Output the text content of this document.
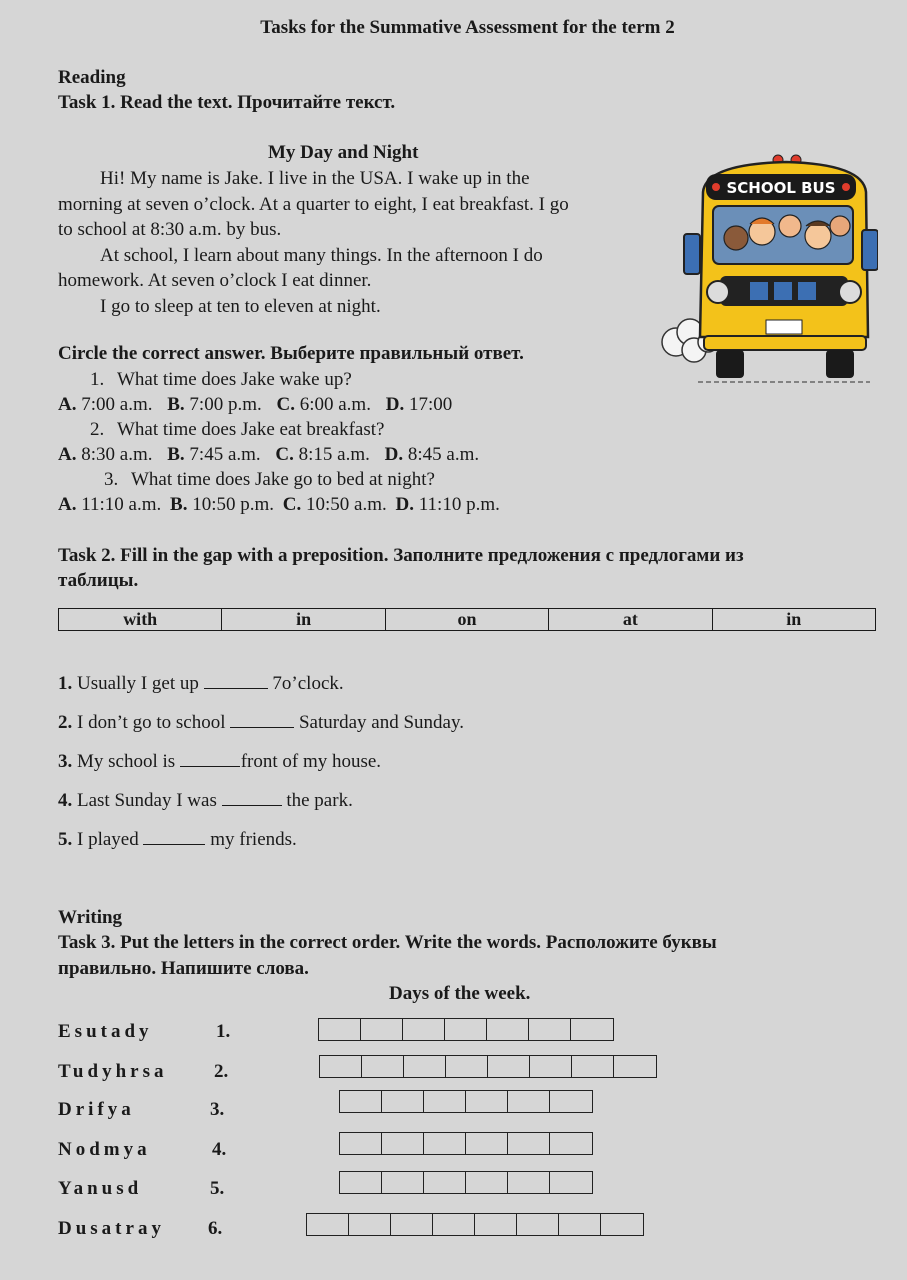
Tasks for the Summative Assessment for the term 2
Reading
Task 1. Read the text. Прочитайте текст.
My Day and Night
Hi! My name is Jake. I live in the USA. I wake up in the
morning at seven o’clock. At a quarter to eight, I eat breakfast. I go
to school at 8:30 a.m. by bus.
At school, I learn about many things. In the afternoon I do
homework. At seven o’clock I eat dinner.
I go to sleep at ten to eleven at night.
SCHOOL BUS
Circle the correct answer. Выберите правильный ответ.
1. What time does Jake wake up?
A. 7:00 a.m. B. 7:00 p.m. C. 6:00 a.m. D. 17:00
2. What time does Jake eat breakfast?
A. 8:30 a.m. B. 7:45 a.m. C. 8:15 a.m. D. 8:45 a.m.
3. What time does Jake go to bed at night?
A. 11:10 a.m. B. 10:50 p.m. C. 10:50 a.m. D. 11:10 p.m.
Task 2. Fill in the gap with a preposition. Заполните предложения с предлогами из
таблицы.
with	in	on	at	in
1. Usually I get up	7o’clock.
2. I don’t go to school	Saturday and Sunday.
3. My school is	front of my house.
4. Last Sunday I was	the park.
5. I played	my friends.
Writing
Task 3. Put the letters in the correct order. Write the words. Расположите буквы
правильно. Напишите слова.
Days of the week.
Esutady	1.
Tudyhrsa 2.
Drifya	3.
Nodmya	4.
Yanusd	5.
Dusatray 6.
